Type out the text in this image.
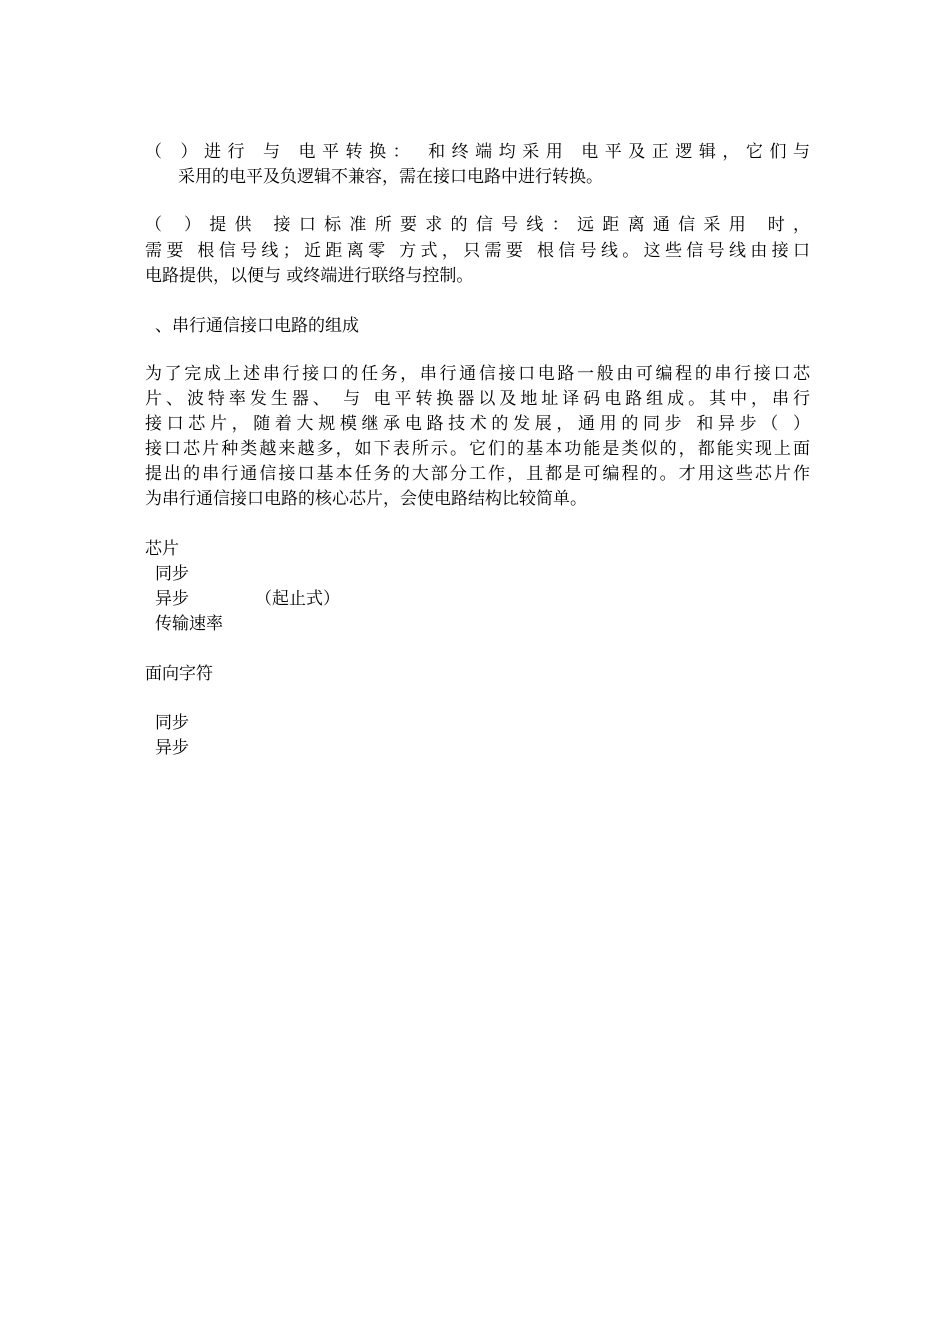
（ ）进行 与 电平转换： 和终端均采用 电平及正逻辑，它们与
采用的电平及负逻辑不兼容，需在接口电路中进行转换。
（ ）提供 接口标准所要求的信号线：远距离通信采用 时，
需要 根信号线；近距离零 方式，只需要 根信号线。这些信号线由接口
电路提供，以便与 或终端进行联络与控制。
、串行通信接口电路的组成
为了完成上述串行接口的任务，串行通信接口电路一般由可编程的串行接口芯
片、波特率发生器、 与 电平转换器以及地址译码电路组成。其中，串行
接口芯片，随着大规模继承电路技术的发展，通用的同步 和异步（ ）
接口芯片种类越来越多，如下表所示。它们的基本功能是类似的，都能实现上面
提出的串行通信接口基本任务的大部分工作，且都是可编程的。才用这些芯片作
为串行通信接口电路的核心芯片，会使电路结构比较简单。
芯片
同步
异步	（起止式）
传输速率
面向字符
同步
异步
